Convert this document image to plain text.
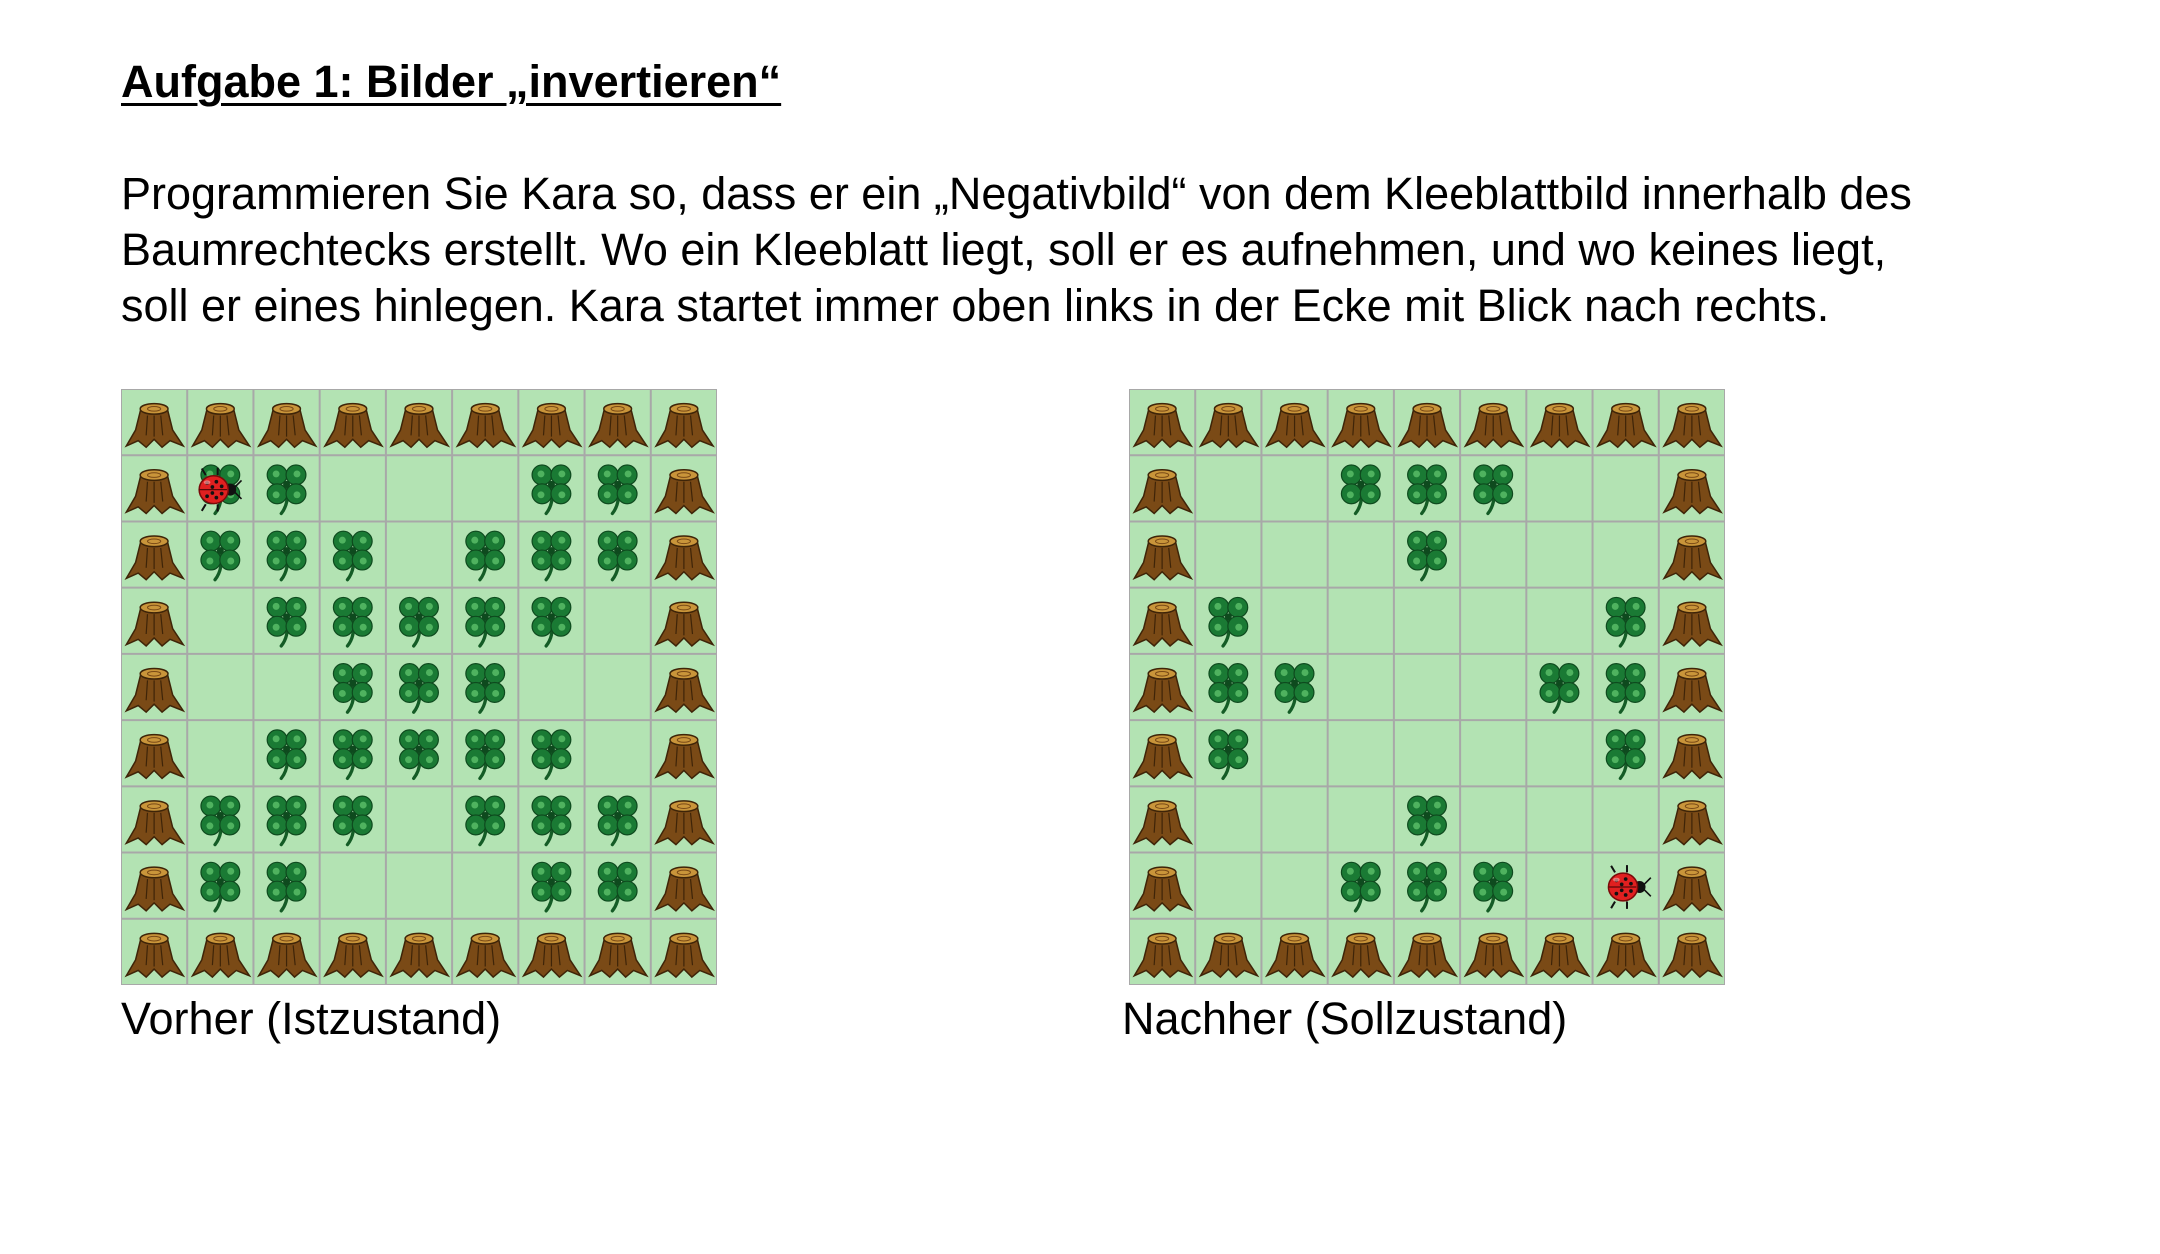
Aufgabe 1: Bilder „invertieren“

Programmieren Sie Kara so, dass er ein „Negativbild“ von dem Kleeblattbild innerhalb des
Baumrechtecks erstellt. Wo ein Kleeblatt liegt, soll er es aufnehmen, und wo keines liegt,
soll er eines hinlegen. Kara startet immer oben links in der Ecke mit Blick nach rechts.

Vorher (Istzustand)	Nachher (Sollzustand)
